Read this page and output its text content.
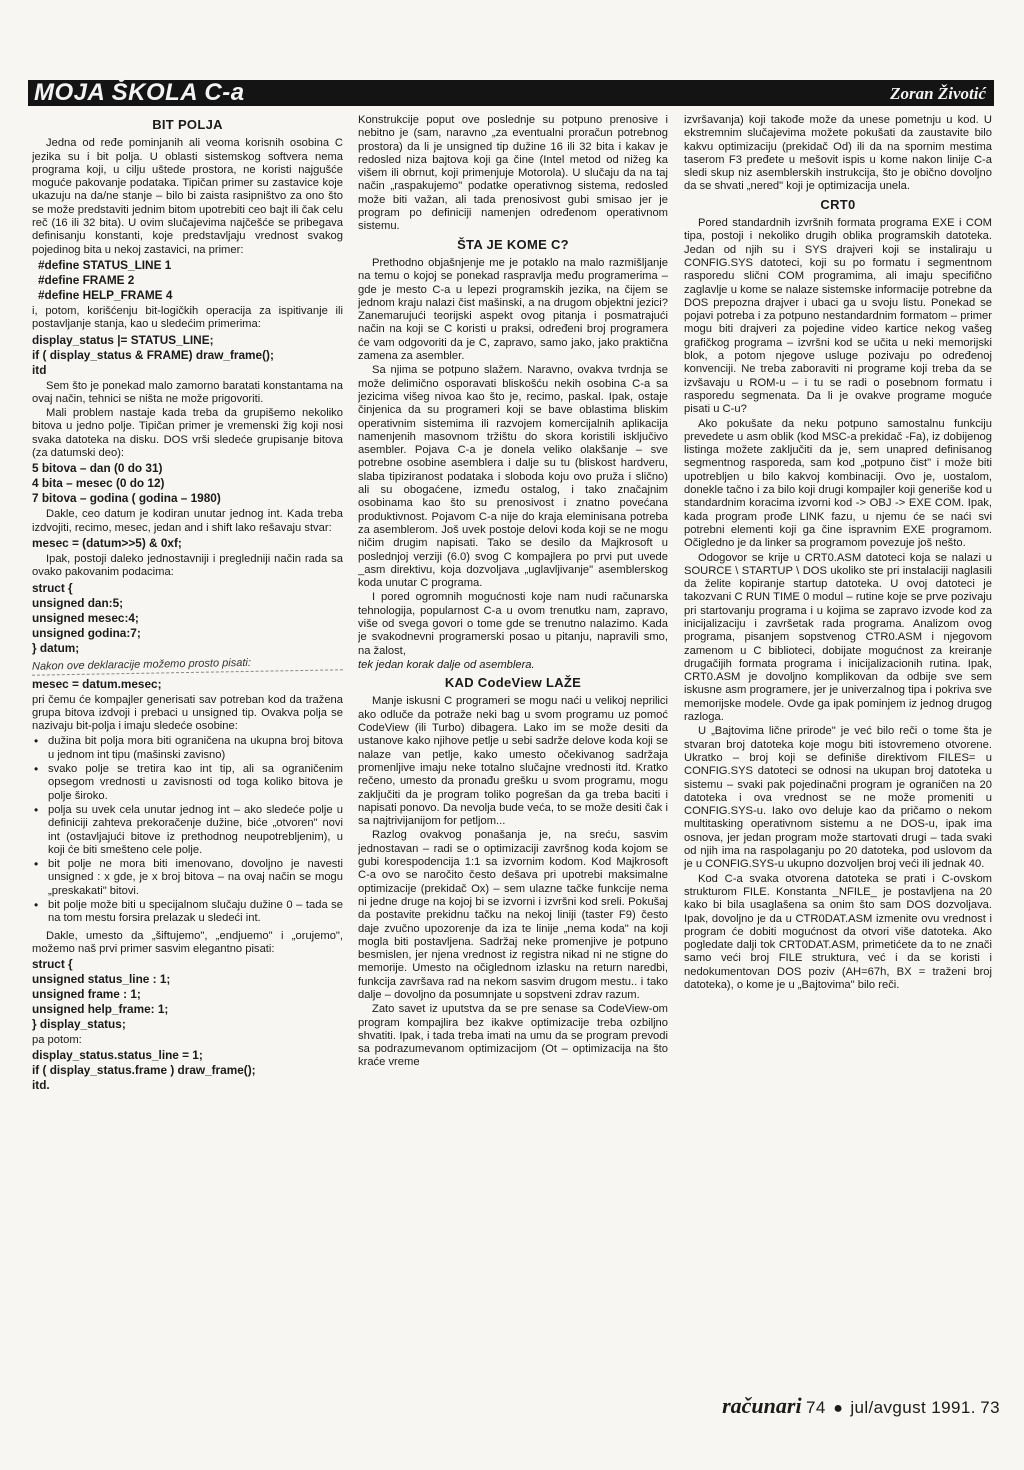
MOJA ŠKOLA C-a	Zoran Životić
BIT POLJA

Jedna od ređe pominjanih ali veoma korisnih osobina C jezika su i bit polja. U oblasti sistemskog softvera nema programa koji, u cilju uštede prostora, ne koristi najgušće moguće pakovanje podataka. Tipičan primer su zastavice koje ukazuju na da/ne stanje – bilo bi zaista rasipništvo za ono što se može predstaviti jednim bitom upotrebiti ceo bajt ili čak celu reč (16 ili 32 bita). U ovim slučajevima najčešće se pribegava definisanju konstanti, koje predstavljaju vrednost svakog pojedinog bita u nekoj zastavici, na primer:

#define STATUS_LINE 1
#define FRAME 2
#define HELP_FRAME 4

i, potom, korišćenju bit-logičkih operacija za ispitivanje ili postavljanje stanja, kao u sledećim primerima:

display_status |= STATUS_LINE;
if ( display_status & FRAME) draw_frame();
itd

Sem što je ponekad malo zamorno baratati konstantama na ovaj način, tehnici se ništa ne može prigovoriti.

Mali problem nastaje kada treba da grupišemo nekoliko bitova u jedno polje. Tipičan primer je vremenski žig koji nosi svaka datoteka na disku. DOS vrši sledeće grupisanje bitova (za datumski deo):

5 bitova – dan (0 do 31)
4 bita – mesec (0 do 12)
7 bitova – godina ( godina – 1980)

Dakle, ceo datum je kodiran unutar jednog int. Kada treba izdvojiti, recimo, mesec, jedan and i shift lako rešavaju stvar:

mesec = (datum>>5) & 0xf;

Ipak, postoji daleko jednostavniji i pregledniji način rada sa ovako pakovanim podacima:

struct {
unsigned dan:5;
unsigned mesec:4;
unsigned godina:7;
} datum;
Nakon ove deklaracije možemo prosto pisati:
mesec = datum.mesec;

pri čemu će kompajler generisati sav potreban kod da tražena grupa bitova izdvoji i prebaci u unsigned tip. Ovakva polja se nazivaju bit-polja i imaju sledeće osobine:

• dužina bit polja mora biti ograničena na ukupna broj bitova u jednom int tipu (mašinski zavisno)
• svako polje se tretira kao int tip, ali sa ograničenim opsegom vrednosti u zavisnosti od toga koliko bitova je polje široko.
• polja su uvek cela unutar jednog int – ako sledeće polje u definiciji zahteva prekoračenje dužine, biće „otvoren" novi int (ostavljajući bitove iz prethodnog neupotrebljenim), u koji će biti smešteno cele polje.
• bit polje ne mora biti imenovano, dovoljno je navesti unsigned : x gde, je x broj bitova – na ovaj način se mogu „preskakati" bitovi.
• bit polje može biti u specijalnom slučaju dužine 0 – tada se na tom mestu forsira prelazak u sledeći int.

Dakle, umesto da „šiftujemo", „endjuemo" i „orujemo", možemo naš prvi primer sasvim elegantno pisati:

struct {
unsigned status_line : 1;
unsigned frame : 1;
unsigned help_frame: 1;
} display_status;

pa potom:

display_status.status_line = 1;
if ( display_status.frame ) draw_frame();
itd.

Konstrukcije poput ove poslednje su potpuno prenosive i nebitno je (sam, naravno „za eventualni proračun potrebnog prostora) da li je unsigned tip dužine 16 ili 32 bita i kakav je redosled niza bajtova koji ga čine (Intel metod od nižeg ka višem ili obrnut, koji primenjuje Motorola). U slučaju da na taj način „raspakujemo" podatke operativnog sistema, redosled može biti važan, ali tada prenosivost gubi smisao jer je program po definiciji namenjen određenom operativnom sistemu.

ŠTA JE KOME C?

Prethodno objašnjenje me je potaklo na malo razmišljanje na temu o kojoj se ponekad raspravlja među programerima – gde je mesto C-a u lepezi programskih jezika, na čijem se jednom kraju nalazi čist mašinski, a na drugom objektni jezici? Zanemarujući teorijski aspekt ovog pitanja i posmatrajući način na koji se C koristi u praksi, određeni broj programera će vam odgovoriti da je C, zapravo, samo jako, jako praktična zamena za asembler.

Sa njima se potpuno slažem. Naravno, ovakva tvrdnja se može delimično osporavati bliskošću nekih osobina C-a sa jezicima višeg nivoa kao što je, recimo, paskal. Ipak, ostaje činjenica da su programeri koji se bave oblastima bliskim operativnim sistemima ili razvojem komercijalnih aplikacija namenjenih masovnom tržištu do skora koristili isključivo asembler. Pojava C-a je donela veliko olakšanje – sve potrebne osobine asemblera i dalje su tu (bliskost hardveru, slaba tipiziranost podataka i sloboda koju ovo pruža i slično) ali su obogaćene, između ostalog, i tako značajnim osobinama kao što su prenosivost i znatno povećana produktivnost. Pojavom C-a nije do kraja eleminisana potreba za asemblerom. Još uvek postoje delovi koda koji se ne mogu ničim drugim napisati. Tako se desilo da Majkrosoft u poslednjoj verziji (6.0) svog C kompajlera po prvi put uvede _asm direktivu, koja dozvoljava „uglavljivanje" asemblerskog koda unutar C programa.

I pored ogromnih mogućnosti koje nam nudi računarska tehnologija, popularnost C-a u ovom trenutku nam, zapravo, više od svega govori o tome gde se trenutno nalazimo. Kada je svakodnevni programerski posao u pitanju, napravili smo, na žalost,

tek jedan korak dalje od asemblera.

KAD CodeView LAŽE

Manje iskusni C programeri se mogu naći u velikoj neprilici ako odluče da potraže neki bag u svom programu uz pomoć CodeView (ili Turbo) dibagera. Lako im se može desiti da ustanove kako njihove petlje u sebi sadrže delove koda koji se nalaze van petlje, kako umesto očekivanog sadržaja promenljive imaju neke totalno slučajne vrednosti itd. Kratko rečeno, umesto da pronađu grešku u svom programu, mogu zaključiti da je program toliko pogrešan da ga treba baciti i napisati ponovo. Da nevolja bude veća, to se može desiti čak i sa najtrivijanijom for petljom...

Razlog ovakvog ponašanja je, na sreću, sasvim jednostavan – radi se o optimizaciji završnog koda kojom se gubi korespodencija 1:1 sa izvornim kodom. Kod Majkrosoft C-a ovo se naročito često dešava pri upotrebi maksimalne optimizacije (prekidač Ox) – sem ulazne tačke funkcije nema ni jedne druge na kojoj bi se izvorni i izvršni kod sreli. Pokušaj da postavite prekidnu tačku na nekoj liniji (taster F9) često daje zvučno upozorenje da iza te linije „nema koda" na koji mogla biti postavljena. Sadržaj neke promenjive je potpuno besmislen, jer njena vrednost iz registra nikad ni ne stigne do memorije. Umesto na očiglednom izlasku na return naredbi, funkcija završava rad na nekom sasvim drugom mestu.. i tako dalje – dovoljno da posumnjate u sopstveni zdrav razum.

Zato savet iz uputstva da se pre senase sa CodeView-om program kompajlira bez ikakve optimizacije treba ozbiljno shvatiti. Ipak, i tada treba imati na umu da se program prevodi sa podrazumevanom optimizacijom (Ot – optimizacija na što kraće vreme

izvršavanja) koji takođe može da unese pometnju u kod. U ekstremnim slučajevima možete pokušati da zaustavite bilo kakvu optimizaciju (prekidač Od) ili da na spornim mestima taserom F3 pređete u mešovit ispis u kome nakon linije C-a sledi skup niz asemblerskih instrukcija, što je obično dovoljno da se shvati „nered" koji je optimizacija unela.

CRT0

Pored standardnih izvršnih formata programa EXE i COM tipa, postoji i nekoliko drugih oblika programskih datoteka. Jedan od njih su i SYS drajveri koji se instaliraju u CONFIG.SYS datoteci, koji su po formatu i segmentnom rasporedu slični COM programima, ali imaju specifično zaglavlje u kome se nalaze sistemske informacije potrebne da DOS prepozna drajver i ubaci ga u svoju listu. Ponekad se pojavi potreba i za potpuno nestandardnim formatom – primer mogu biti drajveri za pojedine video kartice nekog vašeg grafičkog programa – izvršni kod se učita u neki memorijski blok, a potom njegove usluge pozivaju po određenoj konvenciji. Ne treba zaboraviti ni programe koji treba da se izvšavaju u ROM-u – i tu se radi o posebnom formatu i rasporedu segmenata. Da li je ovakve programe moguće pisati u C-u?

Ako pokušate da neku potpuno samostalnu funkciju prevedete u asm oblik (kod MSC-a prekidač -Fa), iz dobijenog listinga možete zaključiti da je, sem unapred definisanog segmentnog rasporeda, sam kod „potpuno čist" i može biti upotrebljen u bilo kakvoj kombinaciji. Ovo je, uostalom, donekle tačno i za bilo koji drugi kompajler koji generiše kod u standardnim koracima izvorni kod -> OBJ -> EXE COM. Ipak, kada program prođe LINK fazu, u njemu će se naći svi potrebni elementi koji ga čine ispravnim EXE programom. Očigledno je da linker sa programom povezuje još nešto.

Odogovor se krije u CRT0.ASM datoteci koja se nalazi u SOURCE \ STARTUP \ DOS ukoliko ste pri instalaciji naglasili da želite kopiranje startup datoteka. U ovoj datoteci je takozvani C RUN TIME 0 modul – rutine koje se prve pozivaju pri startovanju programa i u kojima se zapravo izvode kod za inicijalizaciju i završetak rada programa. Analizom ovog programa, pisanjem sopstvenog CTR0.ASM i njegovom zamenom u C biblioteci, dobijate mogućnost za kreiranje drugačijih formata programa i inicijalizacionih rutina. Ipak, CRT0.ASM je dovoljno komplikovan da odbije sve sem iskusne asm programere, jer je univerzalnog tipa i pokriva sve memorijske modele. Ovde ga ipak pominjem iz jednog drugog razloga.

U „Bajtovima lične prirode" je već bilo reči o tome šta je stvaran broj datoteka koje mogu biti istovremeno otvorene. Ukratko – broj koji se definiše direktivom FILES= u CONFIG.SYS datoteci se odnosi na ukupan broj datoteka u sistemu – svaki pak pojedinačni program je ograničen na 20 datoteka i ova vrednost se ne može promeniti u CONFIG.SYS-u. Iako ovo deluje kao da pričamo o nekom multitasking operativnom sistemu a ne DOS-u, ipak ima osnova, jer jedan program može startovati drugi – tada svaki od njih ima na raspolaganju po 20 datoteka, pod uslovom da je u CONFIG.SYS-u ukupno dozvoljen broj veći ili jednak 40.

Kod C-a svaka otvorena datoteka se prati i C-ovskom strukturom FILE. Konstanta _NFILE_ je postavljena na 20 kako bi bila usaglašena sa onim što sam DOS dozvoljava. Ipak, dovoljno je da u CTR0DAT.ASM izmenite ovu vrednost i program će dobiti mogućnost da otvori više datoteka. Ako pogledate dalji tok CRT0DAT.ASM, primetićete da to ne znači samo veći broj FILE struktura, već i da se koristi i nedokumentovan DOS poziv (AH=67h, BX = traženi broj datoteka), o kome je u „Bajtovima" bilo reči.

računari 74 ● jul/avgust 1991. 73
